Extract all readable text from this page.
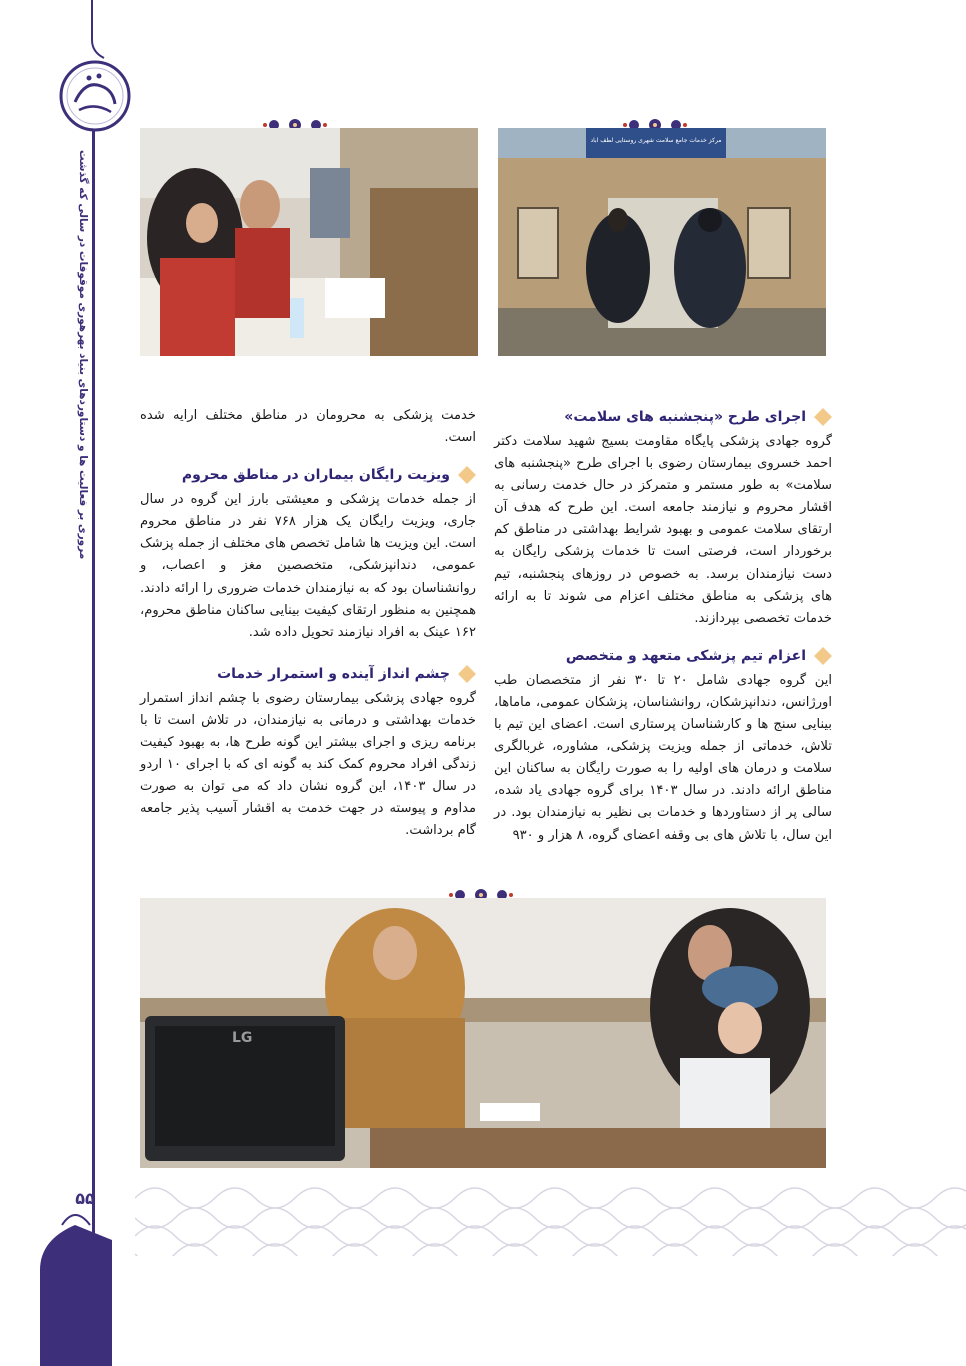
مروری بر فعالیت ها و دستاوردهای بنیاد بهرهوری موقوفات در سالی که گذشت
۵۵
مرکز خدمات جامع سلامت شهری روستایی لطف آباد
اجرای طرح «پنجشنبه های سلامت»

گروه جهادی پزشکی پایگاه مقاومت بسیج شهید سلامت دکتر احمد خسروی بیمارستان رضوی با اجرای طرح «پنجشنبه های سلامت» به طور مستمر و متمرکز در حال خدمت رسانی به اقشار محروم و نیازمند جامعه است. این طرح که هدف آن ارتقای سلامت عمومی و بهبود شرایط بهداشتی در مناطق کم برخوردار است، فرصتی است تا خدمات پزشکی رایگان به دست نیازمندان برسد. به خصوص در روزهای پنجشنبه، تیم های پزشکی به مناطق مختلف اعزام می شوند تا به ارائه خدمات تخصصی بپردازند.

اعزام تیم پزشکی متعهد و متخصص

این گروه جهادی شامل ۲۰ تا ۳۰ نفر از متخصصان طب اورژانس، دندانپزشکان، روانشناسان، پزشکان عمومی، ماماها، بینایی سنج ها و کارشناسان پرستاری است. اعضای این تیم با تلاش، خدماتی از جمله ویزیت پزشکی، مشاوره، غربالگری سلامت و درمان های اولیه را به صورت رایگان به ساکنان این مناطق ارائه دادند. در سال ۱۴۰۳ برای گروه جهادی یاد شده، سالی پر از دستاوردها و خدمات بی نظیر به نیازمندان بود. در این سال، با تلاش های بی وقفه اعضای گروه، ۸ هزار و ۹۳۰

خدمت پزشکی به محرومان در مناطق مختلف ارایه شده است.

ویزیت رایگان بیماران در مناطق محروم

از جمله خدمات پزشکی و معیشتی بارز این گروه در سال جاری، ویزیت رایگان یک هزار ۷۶۸ نفر در مناطق محروم است. این ویزیت ها شامل تخصص های مختلف از جمله پزشک عمومی، دندانپزشکی، متخصصین مغز و اعصاب، و روانشناسان بود که به نیازمندان خدمات ضروری را ارائه دادند. همچنین به منظور ارتقای کیفیت بینایی ساکنان مناطق محروم، ۱۶۲ عینک به افراد نیازمند تحویل داده شد.

چشم انداز آینده و استمرار خدمات

گروه جهادی پزشکی بیمارستان رضوی با چشم انداز استمرار خدمات بهداشتی و درمانی به نیازمندان، در تلاش است تا با برنامه ریزی و اجرای بیشتر این گونه طرح ها، به بهبود کیفیت زندگی افراد محروم کمک کند به گونه ای که با اجرای ۱۰ اردو در سال ۱۴۰۳، این گروه نشان داد که می توان به صورت مداوم و پیوسته در جهت خدمت به اقشار آسیب پذیر جامعه گام برداشت.

LG
